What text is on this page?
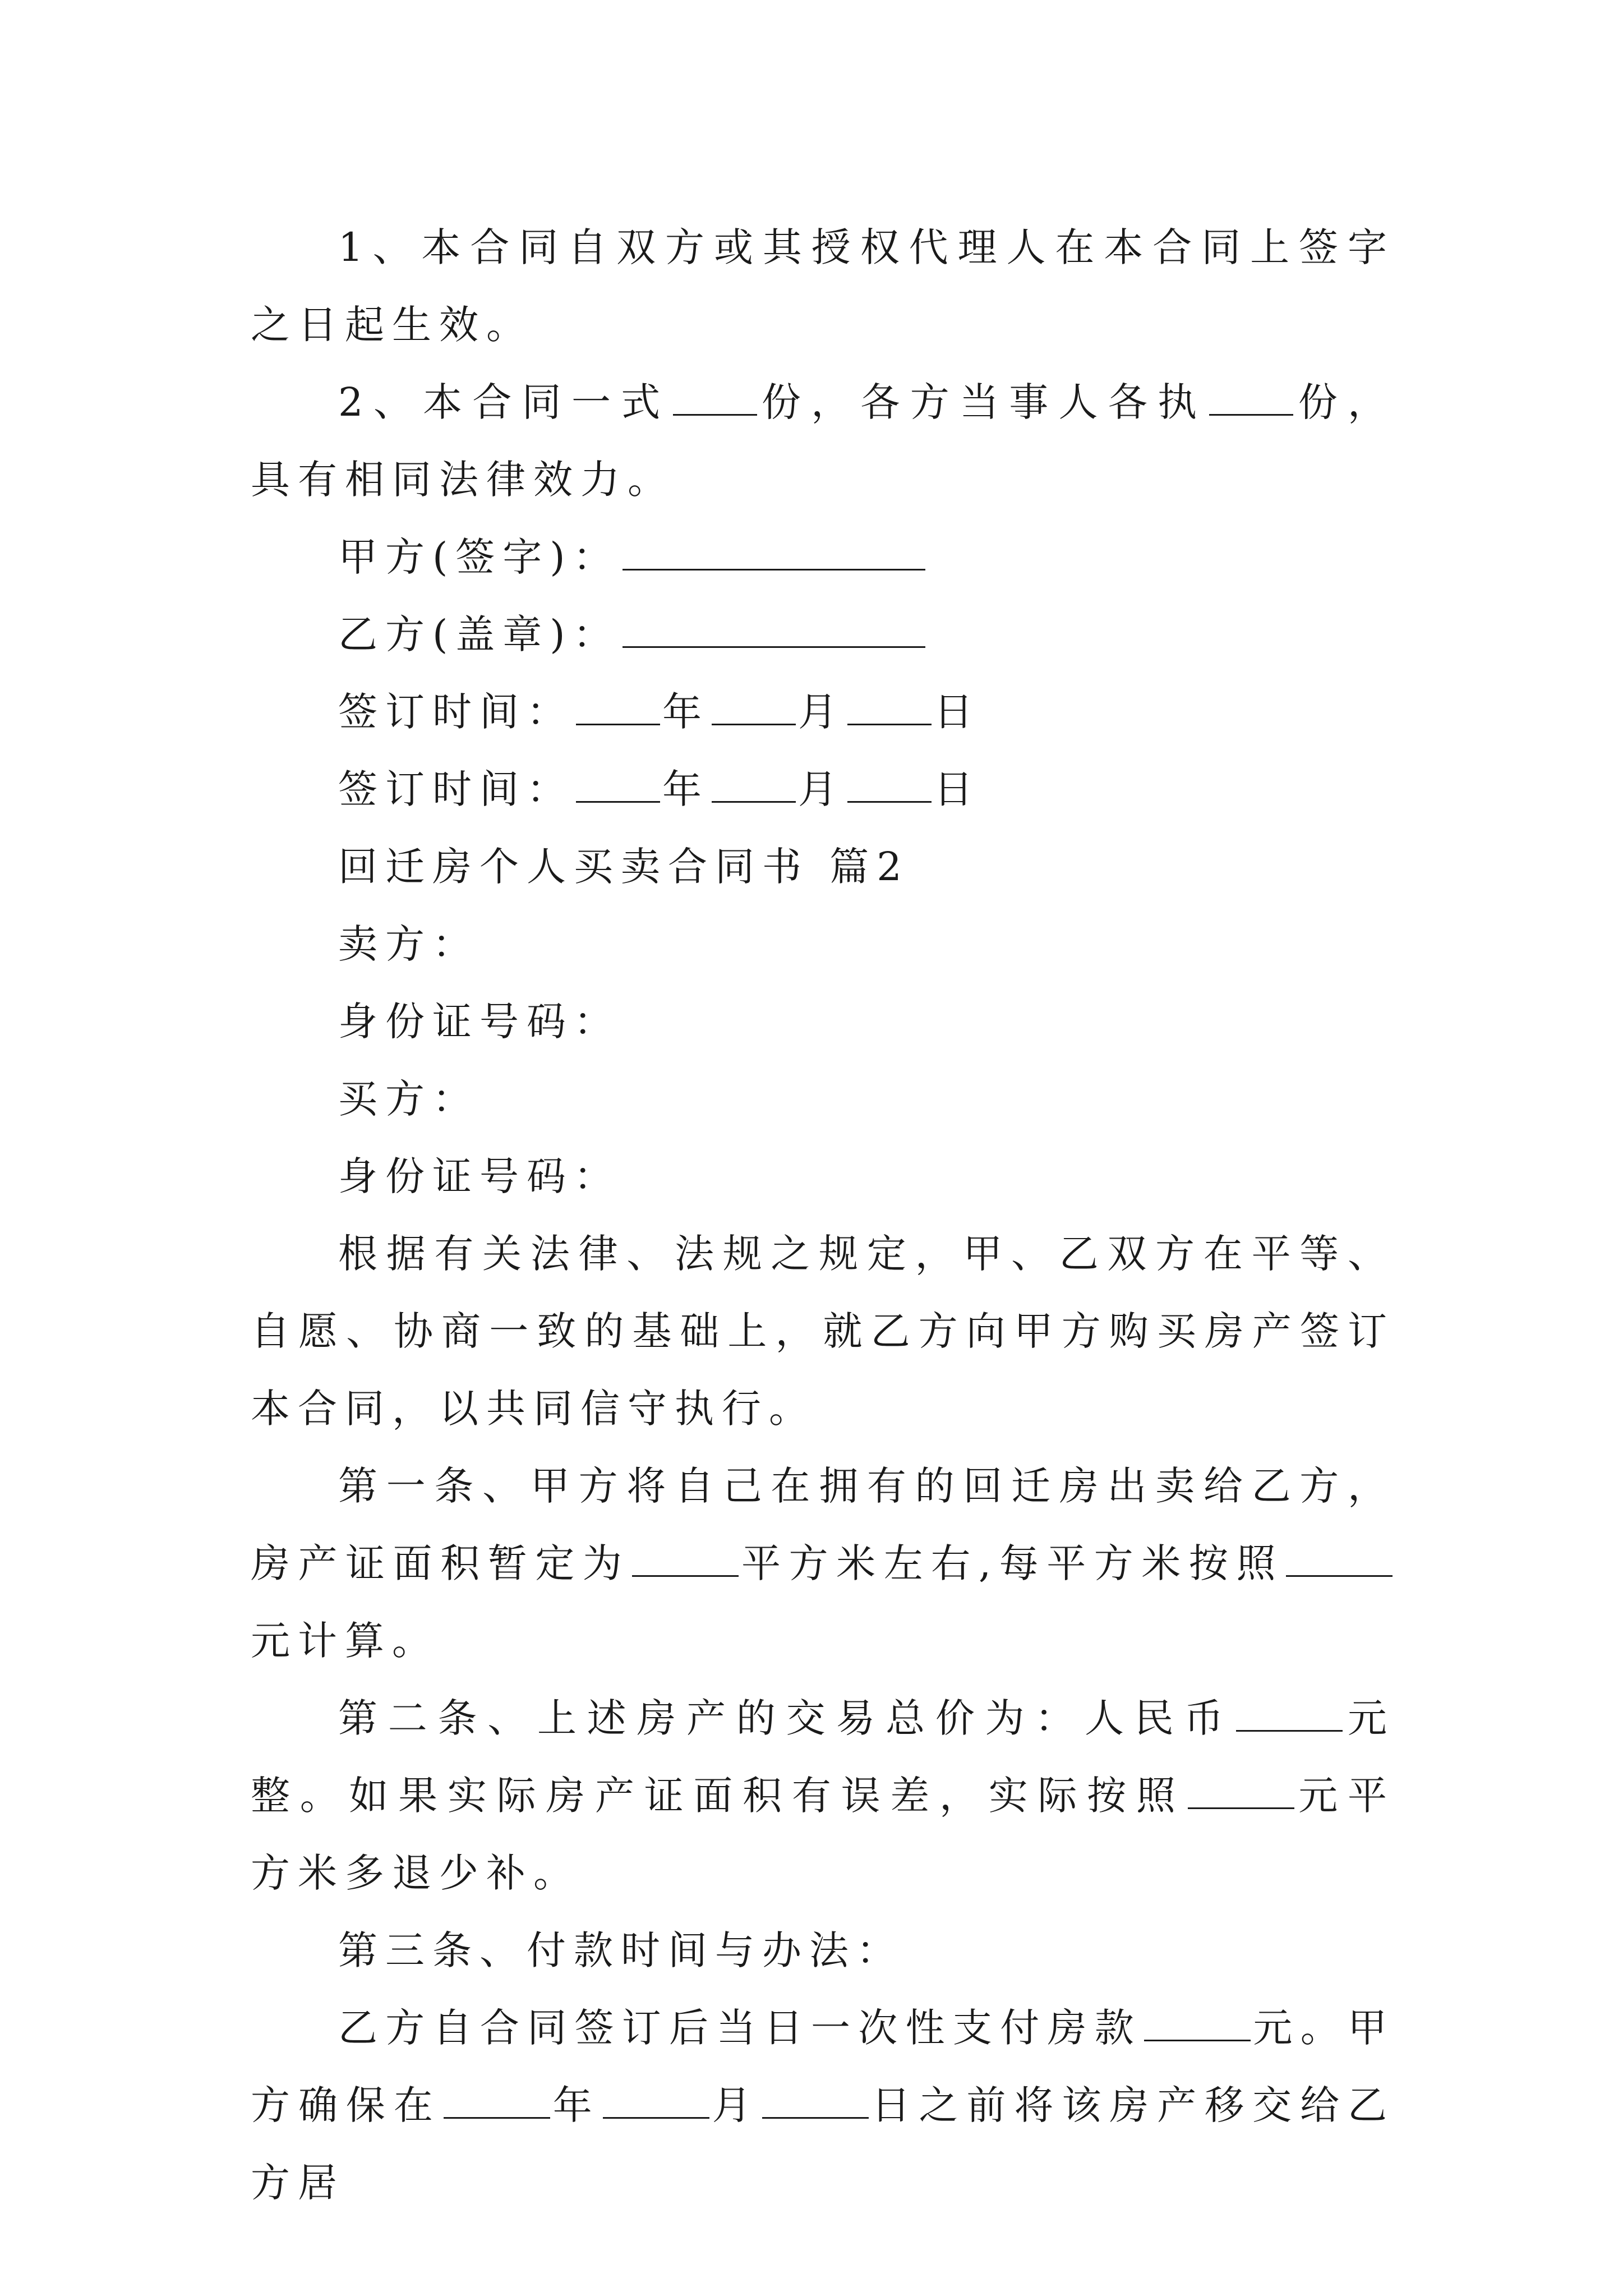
1、本合同自双方或其授权代理人在本合同上签字之日起生效。

2、本合同一式 份，各方当事人各执 份，具有相同法律效力。

甲方(签字)：

乙方(盖章)：

签订时间： 年 月 日

签订时间： 年 月 日

回迁房个人买卖合同书 篇2

卖方：

身份证号码：

买方：

身份证号码：

根据有关法律、法规之规定，甲、乙双方在平等、自愿、协商一致的基础上，就乙方向甲方购买房产签订本合同，以共同信守执行。

第一条、甲方将自己在拥有的回迁房出卖给乙方，房产证面积暂定为	平方米左右,每平方米按照元计算。

第二条、上述房产的交易总价为：人民币	元整。如果实际房产证面积有误差，实际按照	元平方米多退少补。

第三条、付款时间与办法：

乙方自合同签订后当日一次性支付房款	元。甲方确保在	年	月	日之前将该房产移交给乙方居
